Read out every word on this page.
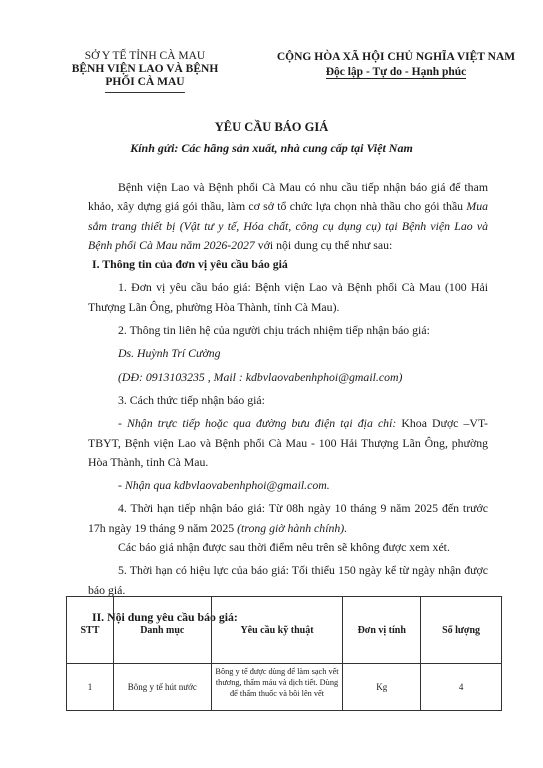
SỞ Y TẾ TỈNH CÀ MAU
BỆNH VIỆN LAO VÀ BỆNH
PHỔI CÀ MAU
CỘNG HÒA XÃ HỘI CHỦ NGHĨA VIỆT NAM
Độc lập - Tự do - Hạnh phúc
YÊU CẦU BÁO GIÁ
Kính gửi: Các hãng sản xuất, nhà cung cấp tại Việt Nam

Bệnh viện Lao và Bệnh phổi Cà Mau có nhu cầu tiếp nhận báo giá để tham khảo, xây dựng giá gói thầu, làm cơ sở tổ chức lựa chọn nhà thầu cho gói thầu Mua sắm trang thiết bị (Vật tư y tế, Hóa chất, công cụ dụng cụ) tại Bệnh viện Lao và Bệnh phổi Cà Mau năm 2026-2027 với nội dung cụ thể như sau:

I. Thông tin của đơn vị yêu cầu báo giá

1. Đơn vị yêu cầu báo giá: Bệnh viện Lao và Bệnh phổi Cà Mau (100 Hải Thượng Lãn Ông, phường Hòa Thành, tỉnh Cà Mau).

2. Thông tin liên hệ của người chịu trách nhiệm tiếp nhận báo giá:

Ds. Huỳnh Trí Cường

(DĐ: 0913103235 , Mail : kdbvlaovabenhphoi@gmail.com)

3. Cách thức tiếp nhận báo giá:

- Nhận trực tiếp hoặc qua đường bưu điện tại địa chỉ: Khoa Dược –VT-TBYT, Bệnh viện Lao và Bệnh phổi Cà Mau - 100 Hải Thượng Lãn Ông, phường Hòa Thành, tỉnh Cà Mau.

- Nhận qua kdbvlaovabenhphoi@gmail.com.

4. Thời hạn tiếp nhận báo giá: Từ 08h ngày 10 tháng 9 năm 2025 đến trước 17h ngày 19 tháng 9 năm 2025 (trong giờ hành chính).

Các báo giá nhận được sau thời điểm nêu trên sẽ không được xem xét.

5. Thời hạn có hiệu lực của báo giá: Tối thiểu 150 ngày kể từ ngày nhận được báo giá.

II. Nội dung yêu cầu báo giá:

STT	Danh mục	Yêu cầu kỹ thuật	Đơn vị tính	Số lượng
1	Bông y tế hút nước	Bông y tế được dùng để làm sạch vết thương, thấm máu và dịch tiết. Dùng để thấm thuốc và bôi lên vết	Kg	4
